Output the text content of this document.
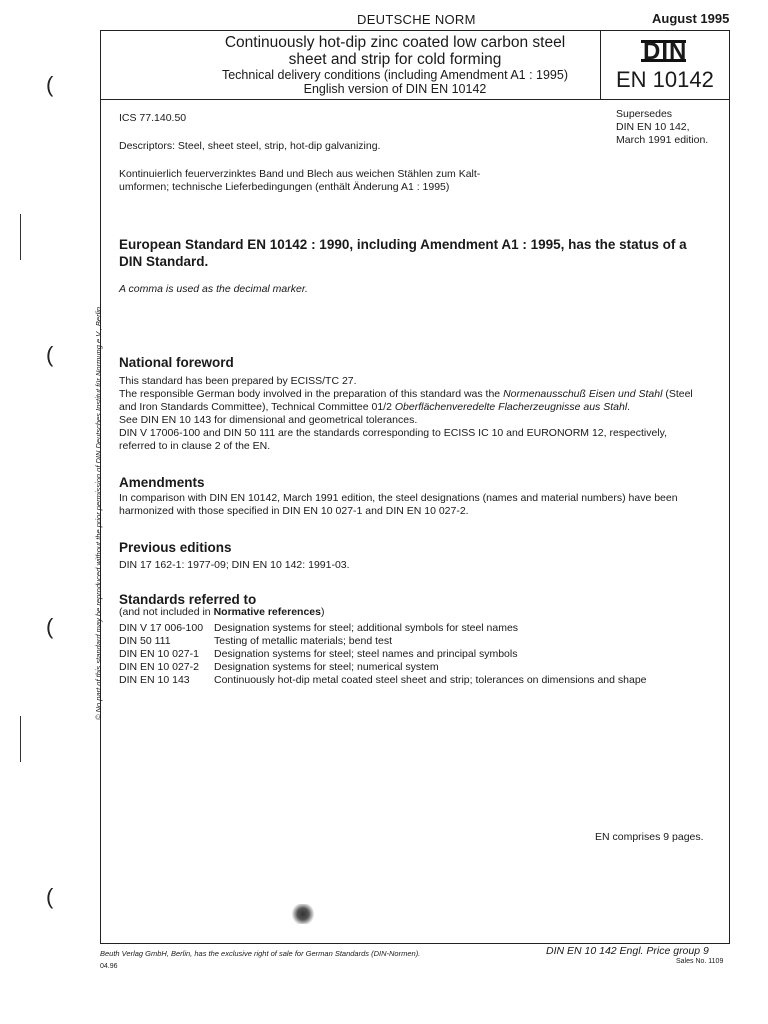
DEUTSCHE NORM	August 1995
Continuously hot-dip zinc coated low carbon steel
sheet and strip for cold forming
Technical delivery conditions (including Amendment A1 : 1995)
English version of DIN EN 10142
DIN
EN 10142
ICS 77.140.50	Supersedes
DIN EN 10 142,
March 1991 edition.
Descriptors: Steel, sheet steel, strip, hot-dip galvanizing.
Kontinuierlich feuerverzinktes Band und Blech aus weichen Stählen zum Kalt-
umformen; technische Lieferbedingungen (enthält Änderung A1 : 1995)
European Standard EN 10142 : 1990, including Amendment A1 : 1995, has the status of a
DIN Standard.
A comma is used as the decimal marker.
National foreword
This standard has been prepared by ECISS/TC 27.
The responsible German body involved in the preparation of this standard was the Normenausschuß Eisen und Stahl (Steel
and Iron Standards Committee), Technical Committee 01/2 Oberflächenveredelte Flacherzeugnisse aus Stahl.
See DIN EN 10 143 for dimensional and geometrical tolerances.
DIN V 17006-100 and DIN 50 111 are the standards corresponding to ECISS IC 10 and EURONORM 12, respectively,
referred to in clause 2 of the EN.
Amendments
In comparison with DIN EN 10142, March 1991 edition, the steel designations (names and material numbers) have been
harmonized with those specified in DIN EN 10 027-1 and DIN EN 10 027-2.
Previous editions
DIN 17 162-1: 1977-09; DIN EN 10 142: 1991-03.
Standards referred to
(and not included in Normative references)
DIN V 17 006-100	Designation systems for steel; additional symbols for steel names
DIN 50 111	Testing of metallic materials; bend test
DIN EN 10 027-1	Designation systems for steel; steel names and principal symbols
DIN EN 10 027-2	Designation systems for steel; numerical system
DIN EN 10 143	Continuously hot-dip metal coated steel sheet and strip; tolerances on dimensions and shape
EN comprises 9 pages.
Beuth Verlag GmbH, Berlin, has the exclusive right of sale for German Standards (DIN-Normen).
04.96
DIN EN 10 142 Engl. Price group 9
Sales No. 1109
© No part of this standard may be reproduced without the prior permission of DIN Deutsches Institut für Normung e.V., Berlin.
(
(
(
(
